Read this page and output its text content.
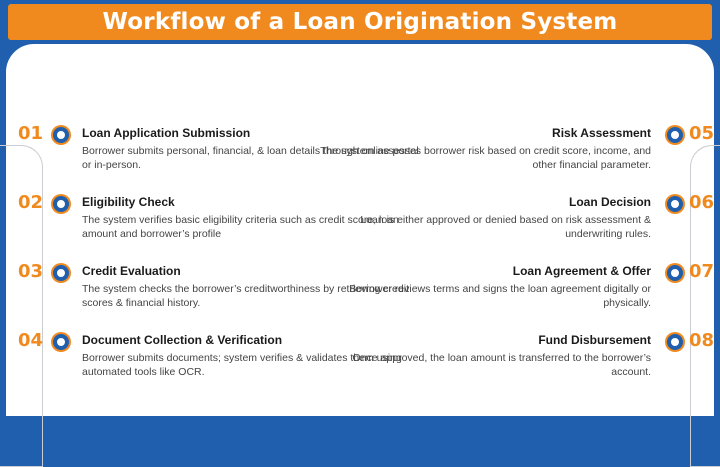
Workflow of a Loan Origination System
01	Loan Application Submission
Borrower submits personal, financial, & loan details through online portal or in-person.
02	Eligibility Check
The system verifies basic eligibility criteria such as credit score, loan amount and borrower’s profile
03	Credit Evaluation
The system checks the borrower’s creditworthiness by retrieving credit scores & financial history.
04	Document Collection & Verification
Borrower submits documents; system verifies & validates them using automated tools like OCR.
05
Risk Assessment
The system assesses borrower risk based on credit score, income, and other financial parameter.
06
Loan Decision
Loan is either approved or denied based on risk assessment & underwriting rules.
07
Loan Agreement & Offer
Borrower reviews terms and signs the loan agreement digitally or physically.
08
Fund Disbursement
Once approved, the loan amount is transferred to the borrower’s account.
